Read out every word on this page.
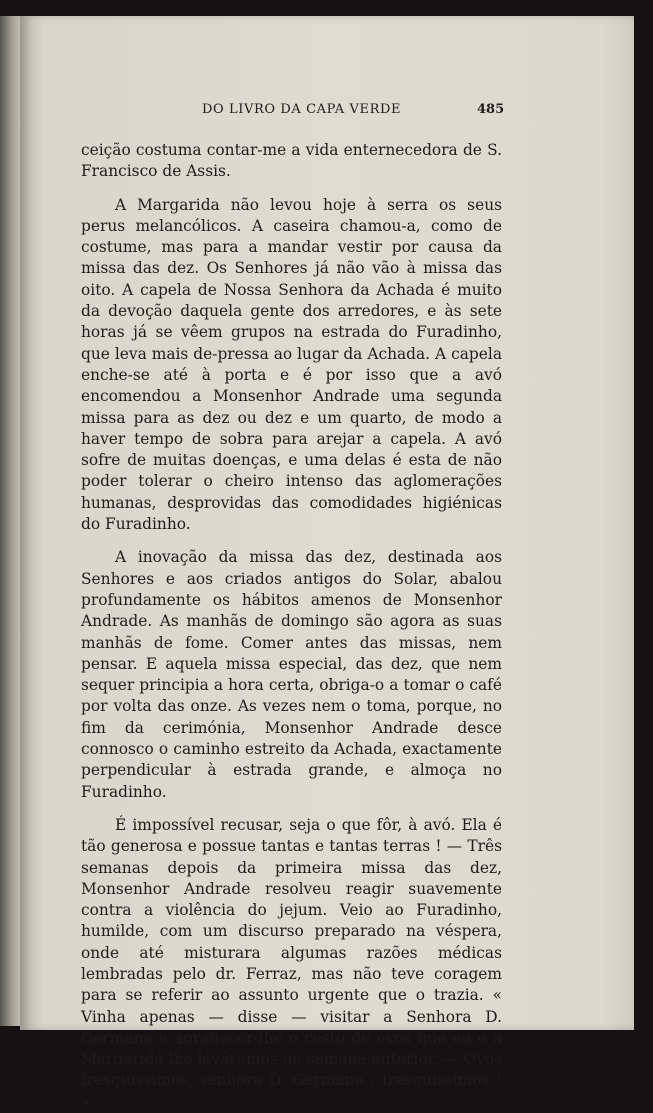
DO LIVRO DA CAPA VERDE	485

ceição costuma contar-me a vida enternecedora de S. Francisco de Assis.

A Margarida não levou hoje à serra os seus perus melancólicos. A caseira chamou-a, como de costume, mas para a mandar vestir por causa da missa das dez. Os Senhores já não vão à missa das oito. A capela de Nossa Senhora da Achada é muito da devoção daquela gente dos arredores, e às sete horas já se vêem grupos na estrada do Furadinho, que leva mais de-pressa ao lugar da Achada. A capela enche-se até à porta e é por isso que a avó encomendou a Monsenhor Andrade uma segunda missa para as dez ou dez e um quarto, de modo a haver tempo de sobra para arejar a capela. A avó sofre de muitas doenças, e uma delas é esta de não poder tolerar o cheiro intenso das aglomerações humanas, desprovidas das comodidades higiénicas do Furadinho.

A inovação da missa das dez, destinada aos Senhores e aos criados antigos do Solar, abalou profundamente os hábitos amenos de Monsenhor Andrade. As manhãs de domingo são agora as suas manhãs de fome. Comer antes das missas, nem pensar. E aquela missa especial, das dez, que nem sequer principia a hora certa, obriga-o a tomar o café por volta das onze. As vezes nem o toma, porque, no fim da cerimónia, Monsenhor Andrade desce connosco o caminho estreito da Achada, exactamente perpendicular à estrada grande, e almoça no Furadinho.

É impossível recusar, seja o que fôr, à avó. Ela é tão generosa e possue tantas e tantas terras ! — Três semanas depois da primeira missa das dez, Monsenhor Andrade resolveu reagir suavemente contra a violência do jejum. Veio ao Furadinho, humilde, com um discurso preparado na véspera, onde até misturara algumas razões médicas lembradas pelo dr. Ferraz, mas não teve coragem para se referir ao assunto urgente que o trazia. « Vinha apenas — disse — visitar a Senhora D. Germana e agradecer-lhe o cesto de ovos que eu e a Margarida lhe levâramos na semana anterior. — Ovos fresquíssimos, senhora D. Germana ; fresquíssimos ! »
